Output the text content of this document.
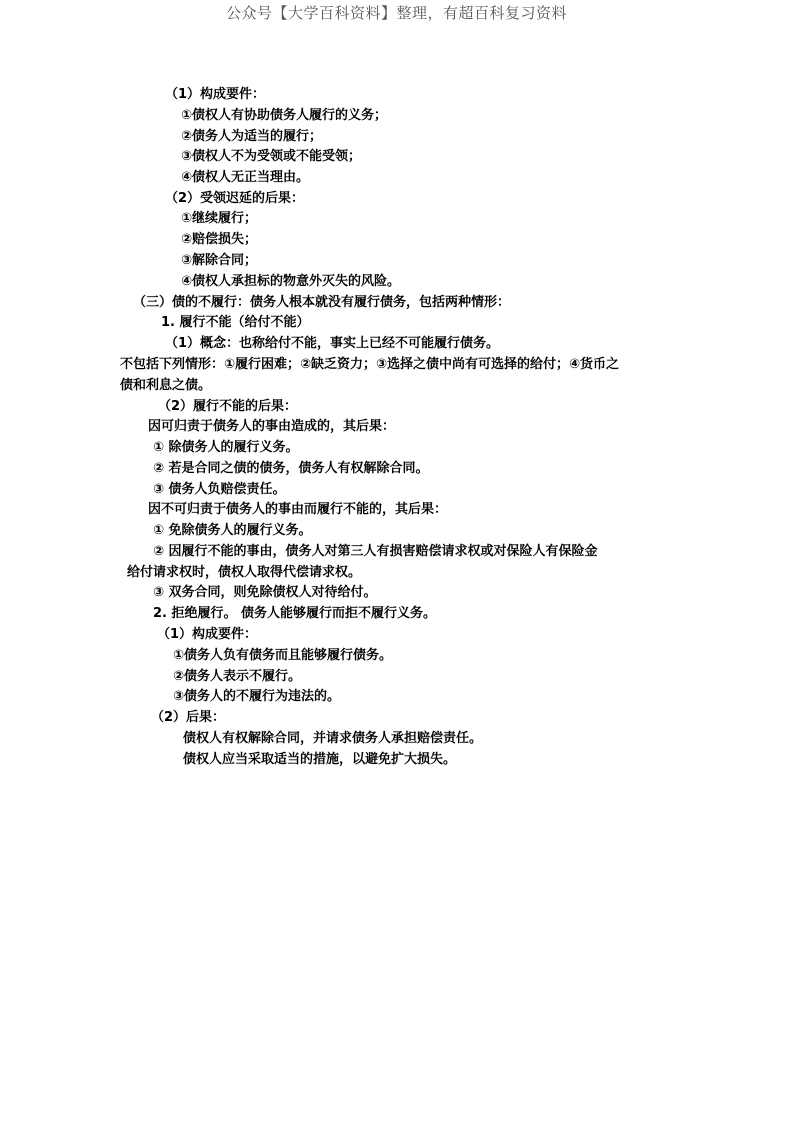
公众号【大学百科资料】整理，有超百科复习资料
（1）构成要件：
①债权人有协助债务人履行的义务；
②债务人为适当的履行；
③债权人不为受领或不能受领；
④债权人无正当理由。
（2）受领迟延的后果：
①继续履行；
②赔偿损失；
③解除合同；
④债权人承担标的物意外灭失的风险。
（三）债的不履行：债务人根本就没有履行债务，包括两种情形：
1. 履行不能（给付不能）
（1）概念：也称给付不能，事实上已经不可能履行债务。
不包括下列情形：①履行困难；②缺乏资力；③选择之债中尚有可选择的给付；④货币之
债和利息之债。
（2）履行不能的后果：
因可归责于债务人的事由造成的，其后果：
① 除债务人的履行义务。
② 若是合同之债的债务，债务人有权解除合同。
③ 债务人负赔偿责任。
因不可归责于债务人的事由而履行不能的，其后果：
① 免除债务人的履行义务。
② 因履行不能的事由，债务人对第三人有损害赔偿请求权或对保险人有保险金
给付请求权时，债权人取得代偿请求权。
③ 双务合同，则免除债权人对待给付。
2. 拒绝履行。 债务人能够履行而拒不履行义务。
（1）构成要件：
①债务人负有债务而且能够履行债务。
②债务人表示不履行。
③债务人的不履行为违法的。
（2）后果：
债权人有权解除合同，并请求债务人承担赔偿责任。
债权人应当采取适当的措施，以避免扩大损失。
